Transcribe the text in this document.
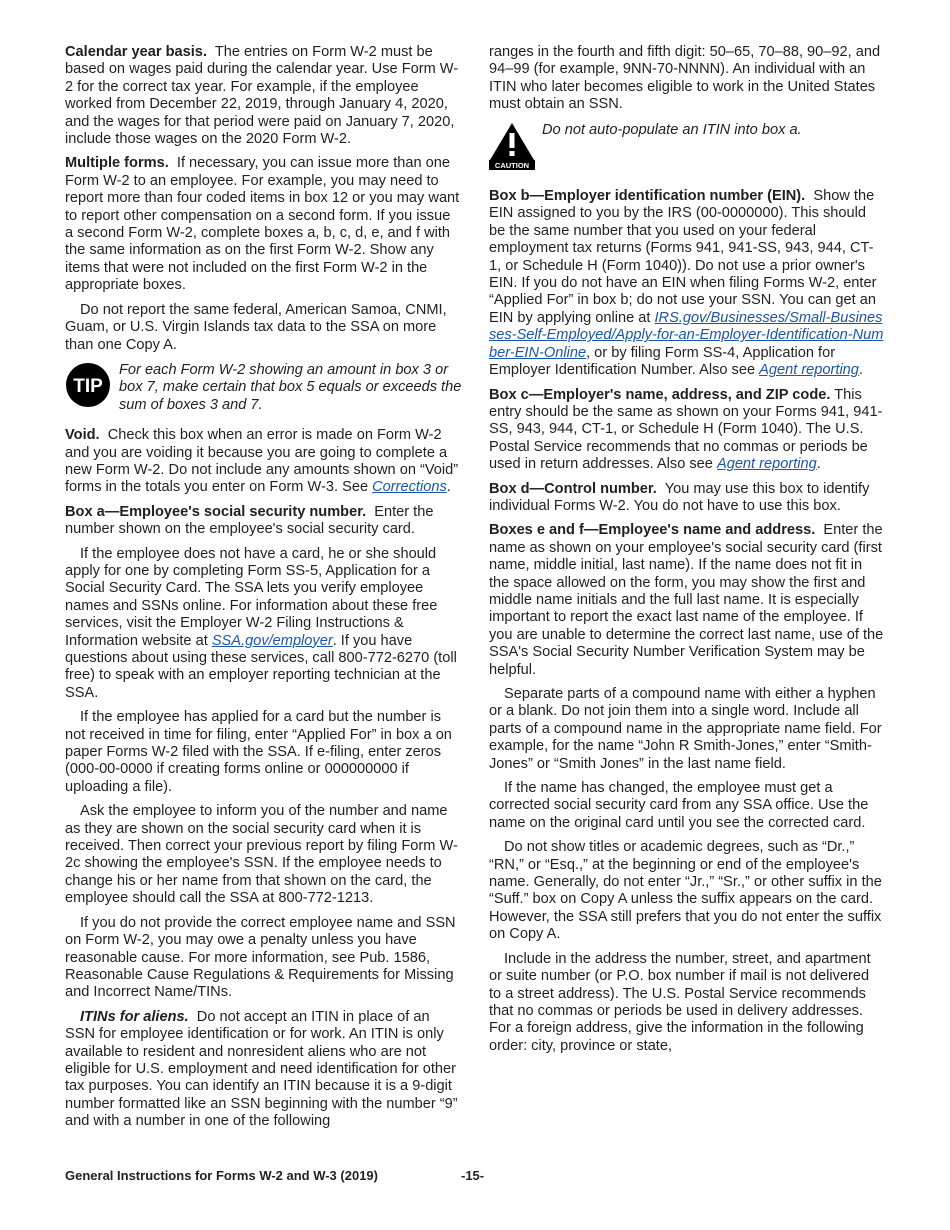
Calendar year basis. The entries on Form W-2 must be based on wages paid during the calendar year. Use Form W-2 for the correct tax year. For example, if the employee worked from December 22, 2019, through January 4, 2020, and the wages for that period were paid on January 7, 2020, include those wages on the 2020 Form W-2.

Multiple forms. If necessary, you can issue more than one Form W-2 to an employee. For example, you may need to report more than four coded items in box 12 or you may want to report other compensation on a second form. If you issue a second Form W-2, complete boxes a, b, c, d, e, and f with the same information as on the first Form W-2. Show any items that were not included on the first Form W-2 in the appropriate boxes.

Do not report the same federal, American Samoa, CNMI, Guam, or U.S. Virgin Islands tax data to the SSA on more than one Copy A.

TIP
For each Form W-2 showing an amount in box 3 or box 7, make certain that box 5 equals or exceeds the sum of boxes 3 and 7.

Void. Check this box when an error is made on Form W-2 and you are voiding it because you are going to complete a new Form W-2. Do not include any amounts shown on “Void” forms in the totals you enter on Form W-3. See Corrections.

Box a—Employee's social security number. Enter the number shown on the employee's social security card.

If the employee does not have a card, he or she should apply for one by completing Form SS-5, Application for a Social Security Card. The SSA lets you verify employee names and SSNs online. For information about these free services, visit the Employer W-2 Filing Instructions & Information website at SSA.gov/employer. If you have questions about using these services, call 800-772-6270 (toll free) to speak with an employer reporting technician at the SSA.

If the employee has applied for a card but the number is not received in time for filing, enter “Applied For” in box a on paper Forms W-2 filed with the SSA. If e-filing, enter zeros (000-00-0000 if creating forms online or 000000000 if uploading a file).

Ask the employee to inform you of the number and name as they are shown on the social security card when it is received. Then correct your previous report by filing Form W-2c showing the employee's SSN. If the employee needs to change his or her name from that shown on the card, the employee should call the SSA at 800-772-1213.

If you do not provide the correct employee name and SSN on Form W-2, you may owe a penalty unless you have reasonable cause. For more information, see Pub. 1586, Reasonable Cause Regulations & Requirements for Missing and Incorrect Name/TINs.

ITINs for aliens. Do not accept an ITIN in place of an SSN for employee identification or for work. An ITIN is only available to resident and nonresident aliens who are not eligible for U.S. employment and need identification for other tax purposes. You can identify an ITIN because it is a 9-digit number formatted like an SSN beginning with the number “9” and with a number in one of the following

ranges in the fourth and fifth digit: 50–65, 70–88, 90–92, and 94–99 (for example, 9NN-70-NNNN). An individual with an ITIN who later becomes eligible to work in the United States must obtain an SSN.

CAUTION
Do not auto-populate an ITIN into box a.

Box b—Employer identification number (EIN). Show the EIN assigned to you by the IRS (00-0000000). This should be the same number that you used on your federal employment tax returns (Forms 941, 941-SS, 943, 944, CT-1, or Schedule H (Form 1040)). Do not use a prior owner's EIN. If you do not have an EIN when filing Forms W-2, enter “Applied For” in box b; do not use your SSN. You can get an EIN by applying online at IRS.gov/Businesses/Small-Businesses-Self-Employed/Apply-for-an-Employer-Identification-Number-EIN-Online, or by filing Form SS-4, Application for Employer Identification Number. Also see Agent reporting.

Box c—Employer's name, address, and ZIP code. This entry should be the same as shown on your Forms 941, 941-SS, 943, 944, CT-1, or Schedule H (Form 1040). The U.S. Postal Service recommends that no commas or periods be used in return addresses. Also see Agent reporting.

Box d—Control number. You may use this box to identify individual Forms W-2. You do not have to use this box.

Boxes e and f—Employee's name and address. Enter the name as shown on your employee's social security card (first name, middle initial, last name). If the name does not fit in the space allowed on the form, you may show the first and middle name initials and the full last name. It is especially important to report the exact last name of the employee. If you are unable to determine the correct last name, use of the SSA's Social Security Number Verification System may be helpful.

Separate parts of a compound name with either a hyphen or a blank. Do not join them into a single word. Include all parts of a compound name in the appropriate name field. For example, for the name “John R Smith-Jones,” enter “Smith-Jones” or “Smith Jones” in the last name field.

If the name has changed, the employee must get a corrected social security card from any SSA office. Use the name on the original card until you see the corrected card.

Do not show titles or academic degrees, such as “Dr.,” “RN,” or “Esq.,” at the beginning or end of the employee's name. Generally, do not enter “Jr.,” “Sr.,” or other suffix in the “Suff.” box on Copy A unless the suffix appears on the card. However, the SSA still prefers that you do not enter the suffix on Copy A.

Include in the address the number, street, and apartment or suite number (or P.O. box number if mail is not delivered to a street address). The U.S. Postal Service recommends that no commas or periods be used in delivery addresses. For a foreign address, give the information in the following order: city, province or state,

General Instructions for Forms W-2 and W-3 (2019)	-15-
